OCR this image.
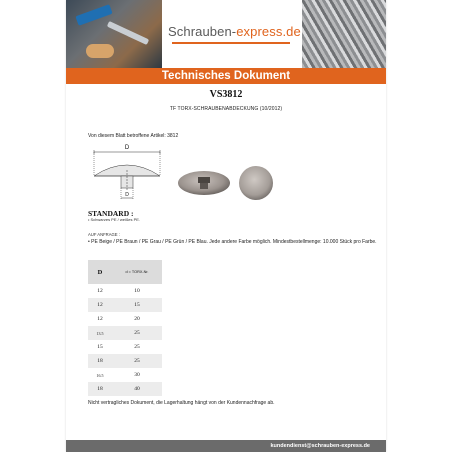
Schrauben-express.de
Technisches Dokument
VS3812
TF TORX-SCHRAUBENABDECKUNG (10/2012)
Von diesem Blatt betroffene Artikel: 3812
D
D
STANDARD :
• Schwarzes PE / weißes PE.
AUF ANFRAGE :
• PE Beige / PE Braun / PE Grau / PE Grün / PE Blau. Jede andere Farbe möglich. Mindestbestellmenge: 10.000 Stück pro Farbe.
D	d = TORX-Nr.
12	10
12	15
12	20
13.5	25
15	25
18	25
16.5	30
18	40
Nicht vertragliches Dokument, die Lagerhaltung hängt von der Kundennachfrage ab.
kundendienst@schrauben-express.de
